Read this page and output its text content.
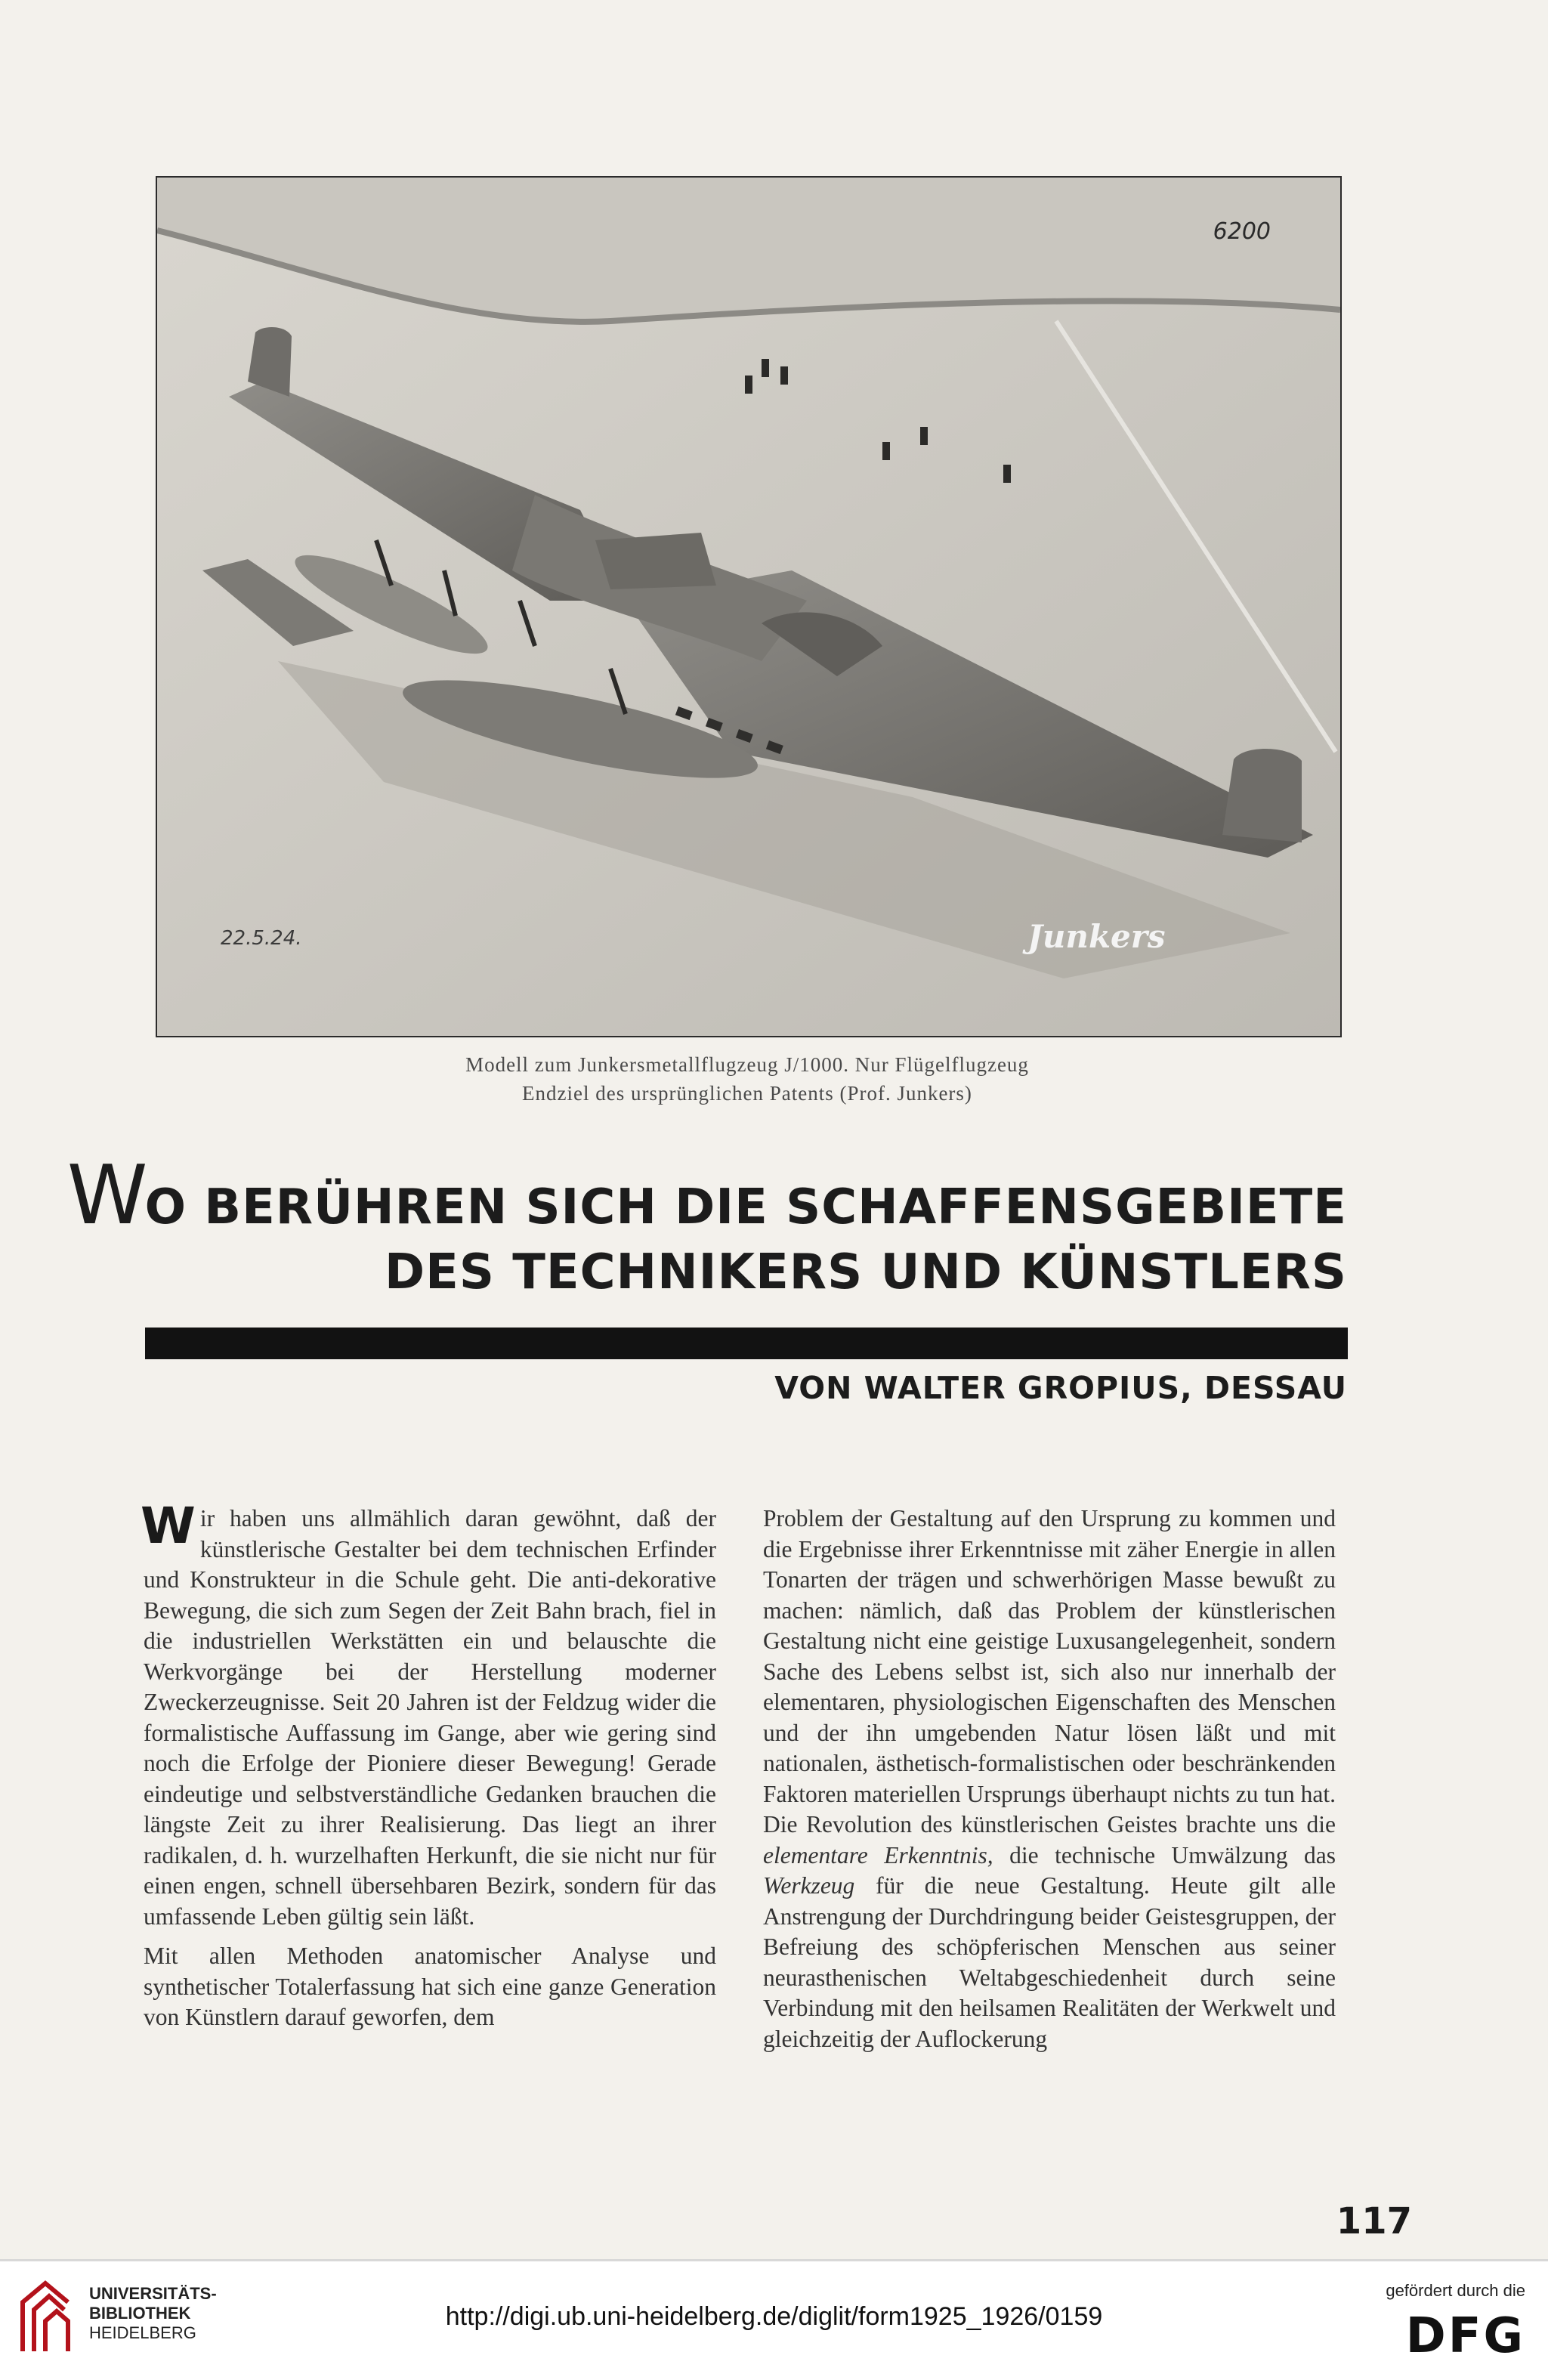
6200
22.5.24.	Junkers
Modell zum Junkersmetallflugzeug J/1000. Nur Flügelflugzeug
Endziel des ursprünglichen Patents (Prof. Junkers)
WO BERÜHREN SICH DIE SCHAFFENSGEBIETE
DES TECHNIKERS UND KÜNSTLERS
VON WALTER GROPIUS, DESSAU

Wir haben uns allmählich daran gewöhnt, daß der künstlerische Gestalter bei dem technischen Erfinder und Konstrukteur in die Schule geht. Die anti-dekorative Bewegung, die sich zum Segen der Zeit Bahn brach, fiel in die industriellen Werkstätten ein und belauschte die Werkvorgänge bei der Herstellung moderner Zweckerzeugnisse. Seit 20 Jahren ist der Feldzug wider die formalistische Auffassung im Gange, aber wie gering sind noch die Erfolge der Pioniere dieser Bewegung! Gerade eindeutige und selbstverständliche Gedanken brauchen die längste Zeit zu ihrer Realisierung. Das liegt an ihrer radikalen, d. h. wurzelhaften Herkunft, die sie nicht nur für einen engen, schnell übersehbaren Bezirk, sondern für das umfassende Leben gültig sein läßt.

Mit allen Methoden anatomischer Analyse und synthetischer Totalerfassung hat sich eine ganze Generation von Künstlern darauf geworfen, dem

Problem der Gestaltung auf den Ursprung zu kommen und die Ergebnisse ihrer Erkenntnisse mit zäher Energie in allen Tonarten der trägen und schwerhörigen Masse bewußt zu machen: nämlich, daß das Problem der künstlerischen Gestaltung nicht eine geistige Luxusangelegenheit, sondern Sache des Lebens selbst ist, sich also nur innerhalb der elementaren, physiologischen Eigenschaften des Menschen und der ihn umgebenden Natur lösen läßt und mit nationalen, ästhetisch-formalistischen oder beschränkenden Faktoren materiellen Ursprungs überhaupt nichts zu tun hat. Die Revolution des künstlerischen Geistes brachte uns die elementare Erkenntnis, die technische Umwälzung das Werkzeug für die neue Gestaltung. Heute gilt alle Anstrengung der Durchdringung beider Geistesgruppen, der Befreiung des schöpferischen Menschen aus seiner neurasthenischen Weltabgeschiedenheit durch seine Verbindung mit den heilsamen Realitäten der Werkwelt und gleichzeitig der Auflockerung

117
UNIVERSITÄTS-
BIBLIOTHEK
HEIDELBERG
http://digi.ub.uni-heidelberg.de/diglit/form1925_1926/0159
gefördert durch die
DFG
